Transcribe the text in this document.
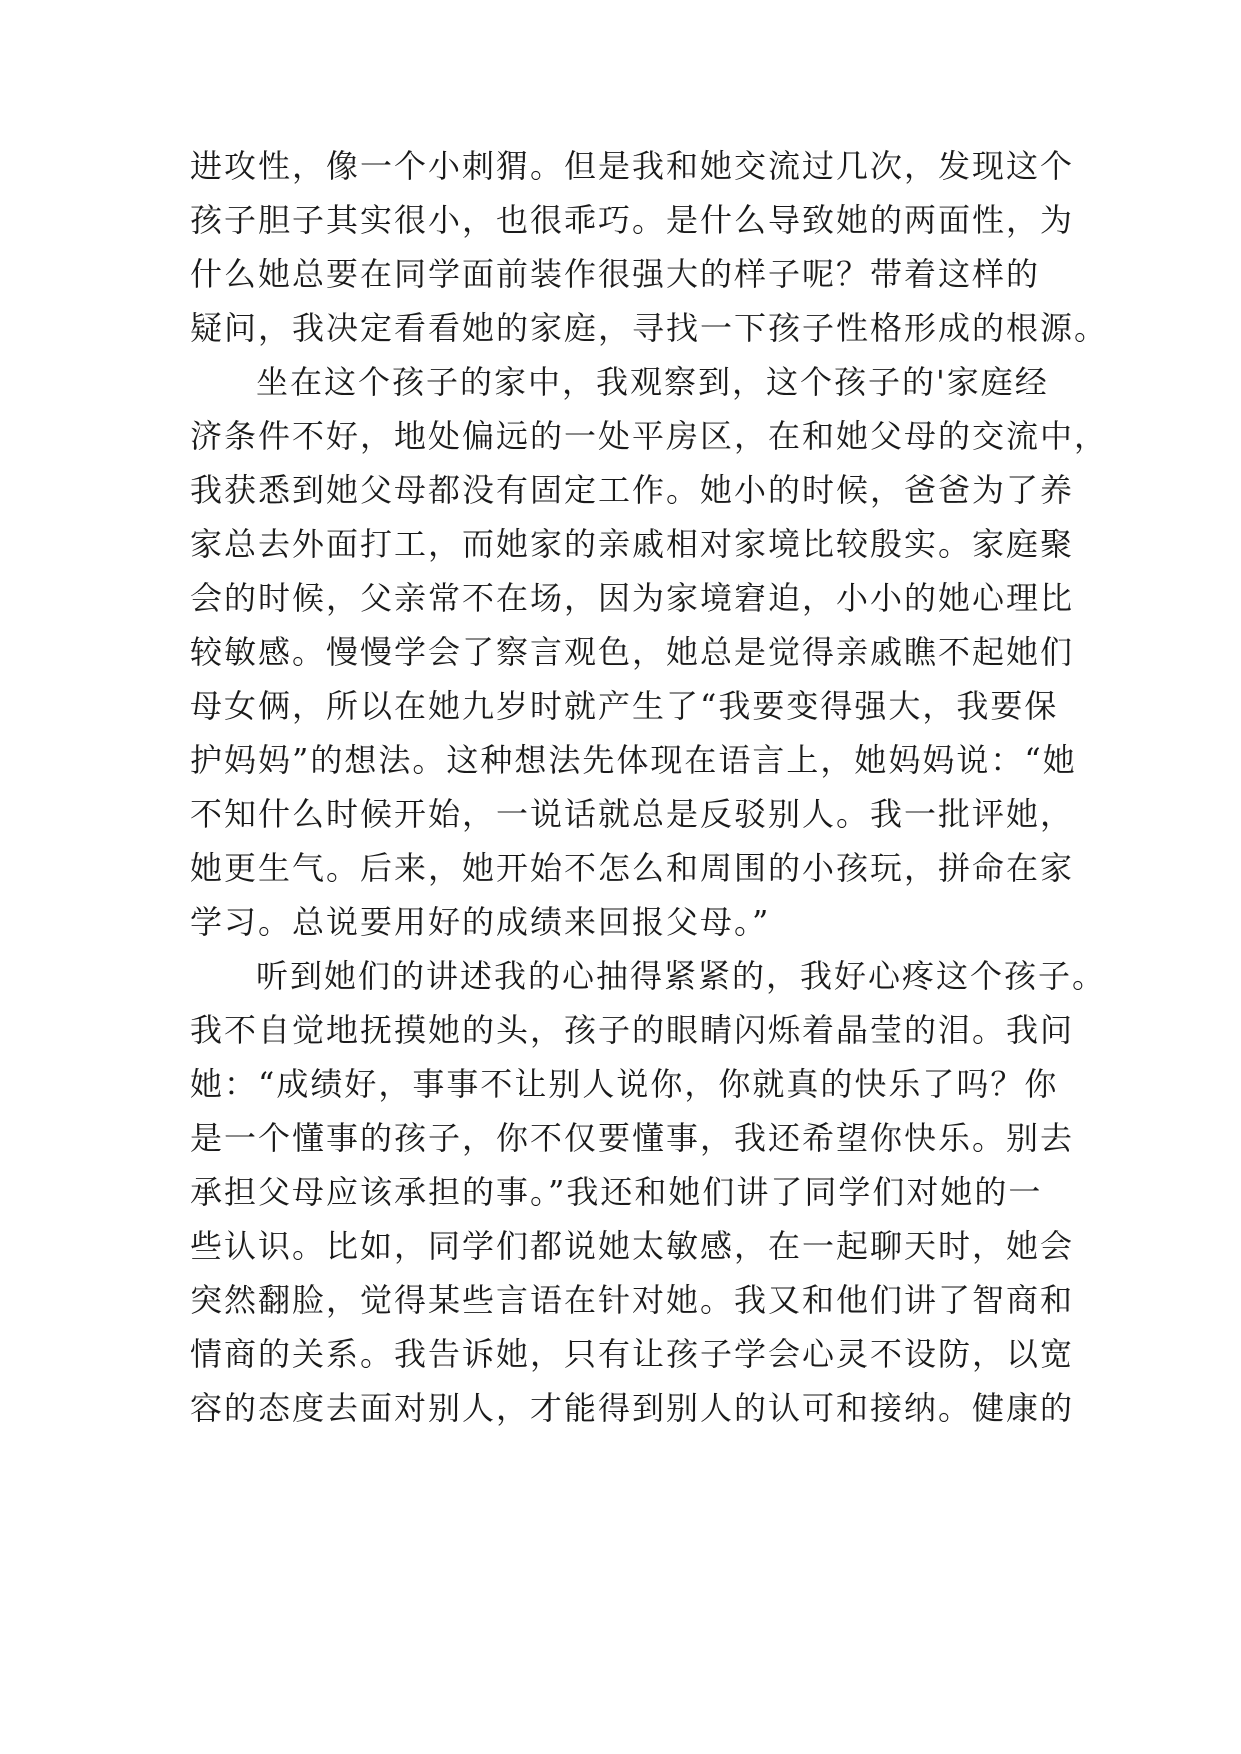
进攻性，像一个小刺猬。但是我和她交流过几次，发现这个
孩子胆子其实很小，也很乖巧。是什么导致她的两面性，为
什么她总要在同学面前装作很强大的样子呢？带着这样的
疑问，我决定看看她的家庭，寻找一下孩子性格形成的根源。
坐在这个孩子的家中，我观察到，这个孩子的'家庭经
济条件不好，地处偏远的一处平房区，在和她父母的交流中，
我获悉到她父母都没有固定工作。她小的时候，爸爸为了养
家总去外面打工，而她家的亲戚相对家境比较殷实。家庭聚
会的时候，父亲常不在场，因为家境窘迫，小小的她心理比
较敏感。慢慢学会了察言观色，她总是觉得亲戚瞧不起她们
母女俩，所以在她九岁时就产生了“我要变得强大，我要保
护妈妈”的想法。这种想法先体现在语言上，她妈妈说：“她
不知什么时候开始，一说话就总是反驳别人。我一批评她，
她更生气。后来，她开始不怎么和周围的小孩玩，拼命在家
学习。总说要用好的成绩来回报父母。”
听到她们的讲述我的心抽得紧紧的，我好心疼这个孩子。
我不自觉地抚摸她的头，孩子的眼睛闪烁着晶莹的泪。我问
她：“成绩好，事事不让别人说你，你就真的快乐了吗？你
是一个懂事的孩子，你不仅要懂事，我还希望你快乐。别去
承担父母应该承担的事。”我还和她们讲了同学们对她的一
些认识。比如，同学们都说她太敏感，在一起聊天时，她会
突然翻脸，觉得某些言语在针对她。我又和他们讲了智商和
情商的关系。我告诉她，只有让孩子学会心灵不设防，以宽
容的态度去面对别人，才能得到别人的认可和接纳。健康的
